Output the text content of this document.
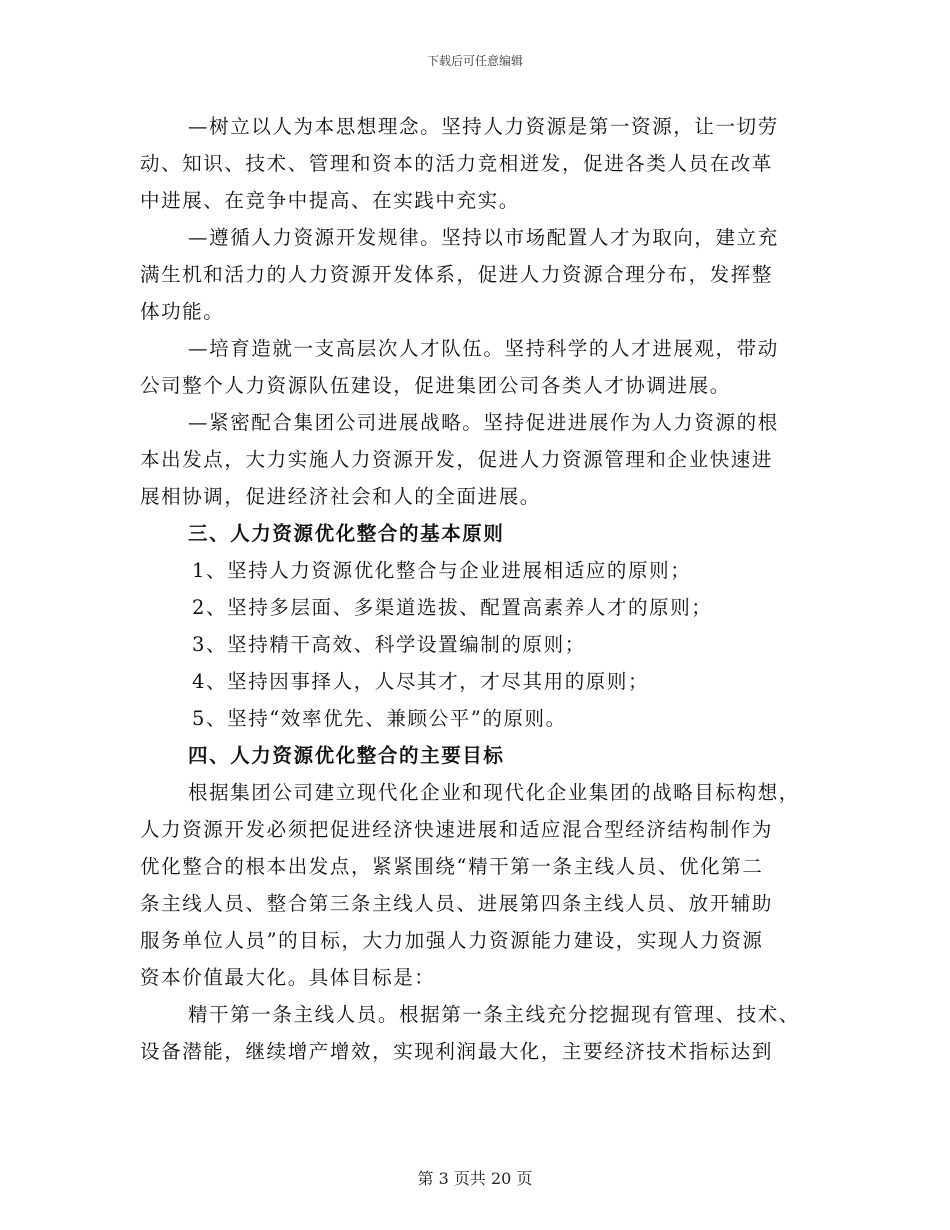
下载后可任意编辑
—树立以人为本思想理念。坚持人力资源是第一资源，让一切劳
动、知识、技术、管理和资本的活力竞相迸发，促进各类人员在改革
中进展、在竞争中提高、在实践中充实。
—遵循人力资源开发规律。坚持以市场配置人才为取向，建立充
满生机和活力的人力资源开发体系，促进人力资源合理分布，发挥整
体功能。
—培育造就一支高层次人才队伍。坚持科学的人才进展观，带动
公司整个人力资源队伍建设，促进集团公司各类人才协调进展。
—紧密配合集团公司进展战略。坚持促进进展作为人力资源的根
本出发点，大力实施人力资源开发，促进人力资源管理和企业快速进
展相协调，促进经济社会和人的全面进展。
三、人力资源优化整合的基本原则
1、坚持人力资源优化整合与企业进展相适应的原则；
2、坚持多层面、多渠道选拔、配置高素养人才的原则；
3、坚持精干高效、科学设置编制的原则；
4、坚持因事择人，人尽其才，才尽其用的原则；
5、坚持“效率优先、兼顾公平”的原则。
四、人力资源优化整合的主要目标
根据集团公司建立现代化企业和现代化企业集团的战略目标构想，
人力资源开发必须把促进经济快速进展和适应混合型经济结构制作为
优化整合的根本出发点，紧紧围绕“精干第一条主线人员、优化第二
条主线人员、整合第三条主线人员、进展第四条主线人员、放开辅助
服务单位人员”的目标，大力加强人力资源能力建设，实现人力资源
资本价值最大化。具体目标是：
精干第一条主线人员。根据第一条主线充分挖掘现有管理、技术、
设备潜能，继续增产增效，实现利润最大化，主要经济技术指标达到
第 3 页共 20 页
